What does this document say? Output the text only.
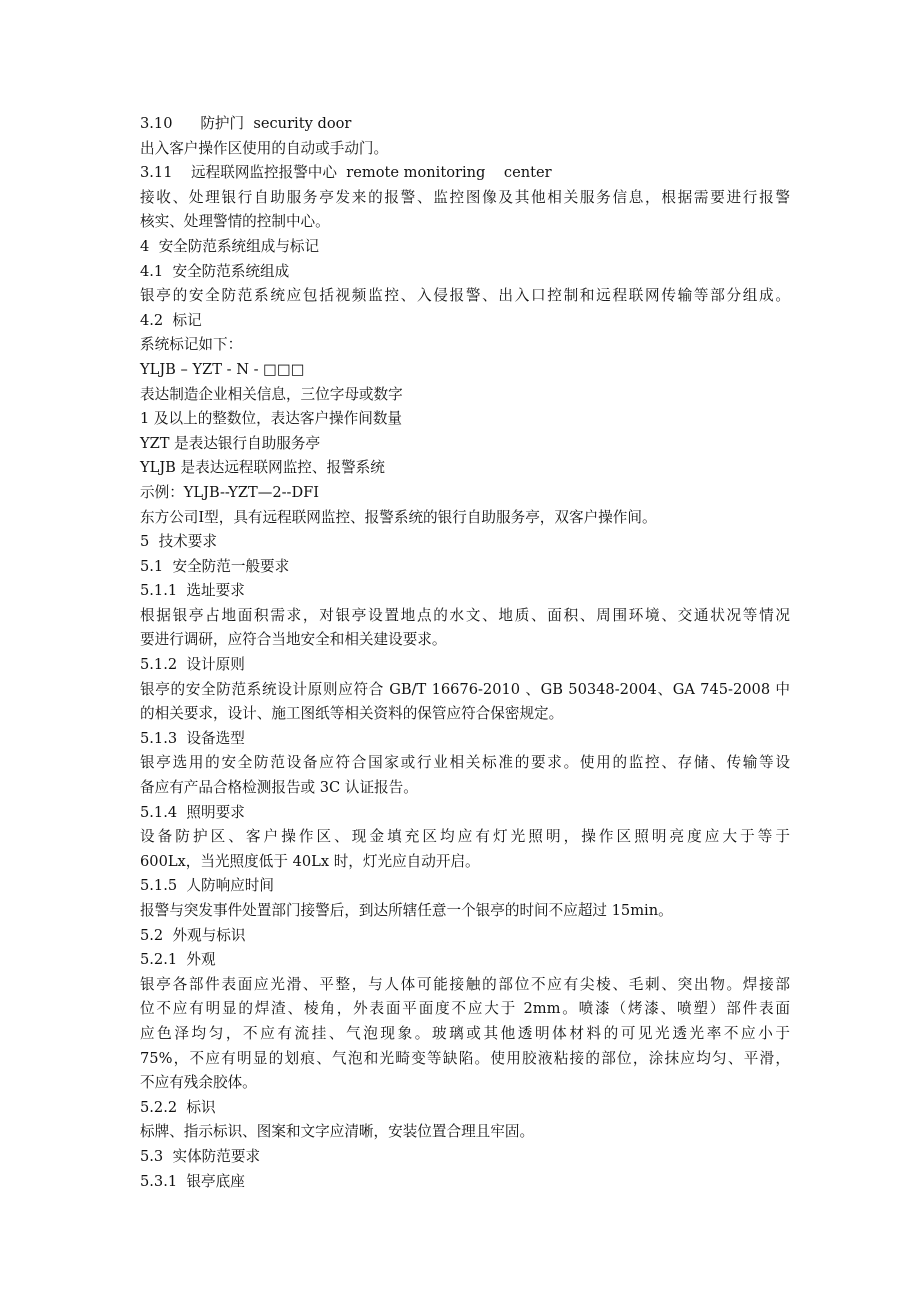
3.10      防护门  security door

出入客户操作区使用的自动或手动门。

3.11    远程联网监控报警中心  remote monitoring    center

接收、处理银行自助服务亭发来的报警、监控图像及其他相关服务信息，根据需要进行报警

核实、处理警情的控制中心。

4  安全防范系统组成与标记

4.1  安全防范系统组成

银亭的安全防范系统应包括视频监控、入侵报警、出入口控制和远程联网传输等部分组成。

4.2  标记

系统标记如下：

YLJB – YZT - N - □□□

表达制造企业相关信息，三位字母或数字

1 及以上的整数位，表达客户操作间数量

YZT 是表达银行自助服务亭

YLJB 是表达远程联网监控、报警系统

示例：YLJB--YZT—2--DFⅠ

东方公司Ⅰ型，具有远程联网监控、报警系统的银行自助服务亭，双客户操作间。

5  技术要求

5.1  安全防范一般要求

5.1.1  选址要求

根据银亭占地面积需求，对银亭设置地点的水文、地质、面积、周围环境、交通状况等情况

要进行调研，应符合当地安全和相关建设要求。

5.1.2  设计原则

银亭的安全防范系统设计原则应符合 GB/T 16676-2010 、GB 50348-2004、GA 745-2008 中

的相关要求，设计、施工图纸等相关资料的保管应符合保密规定。

5.1.3  设备选型

银亭选用的安全防范设备应符合国家或行业相关标准的要求。使用的监控、存储、传输等设

备应有产品合格检测报告或 3C 认证报告。

5.1.4  照明要求

设备防护区、客户操作区、现金填充区均应有灯光照明，操作区照明亮度应大于等于

600Lx，当光照度低于 40Lx 时，灯光应自动开启。

5.1.5  人防响应时间

报警与突发事件处置部门接警后，到达所辖任意一个银亭的时间不应超过 15min。

5.2  外观与标识

5.2.1  外观

银亭各部件表面应光滑、平整，与人体可能接触的部位不应有尖棱、毛刺、突出物。焊接部

位不应有明显的焊渣、棱角，外表面平面度不应大于 2mm。喷漆（烤漆、喷塑）部件表面

应色泽均匀，不应有流挂、气泡现象。玻璃或其他透明体材料的可见光透光率不应小于

75%，不应有明显的划痕、气泡和光畸变等缺陷。使用胶液粘接的部位，涂抹应均匀、平滑，

不应有残余胶体。

5.2.2  标识

标牌、指示标识、图案和文字应清晰，安装位置合理且牢固。

5.3  实体防范要求

5.3.1  银亭底座
